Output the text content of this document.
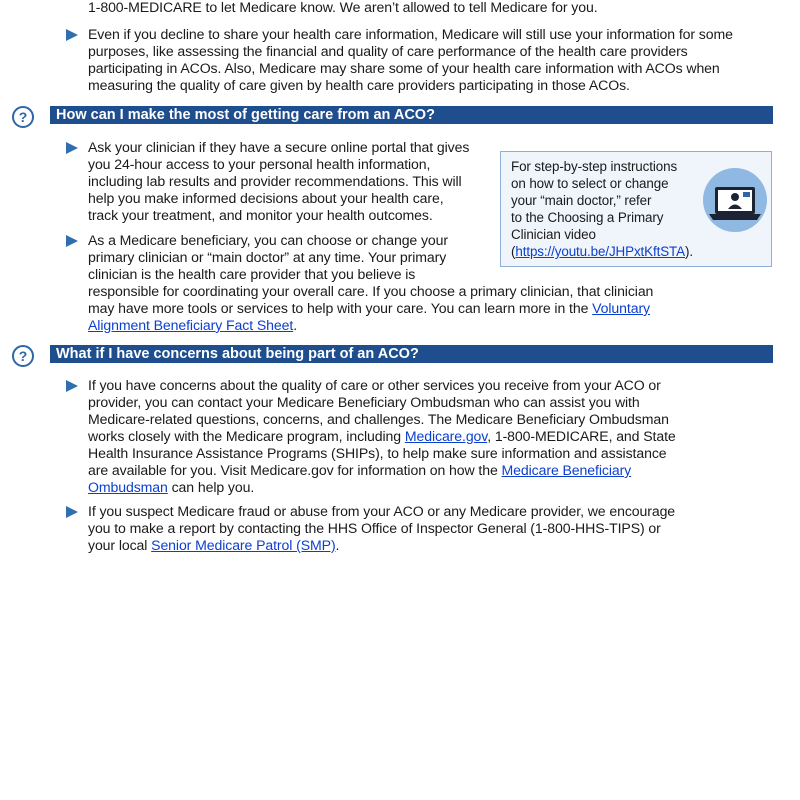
1-800-MEDICARE to let Medicare know. We aren’t allowed to tell Medicare for you.

Even if you decline to share your health care information, Medicare will still use your information for some

purposes, like assessing the financial and quality of care performance of the health care providers

participating in ACOs. Also, Medicare may share some of your health care information with ACOs when

measuring the quality of care given by health care providers participating in those ACOs.

?	How can I make the most of getting care from an ACO?

Ask your clinician if they have a secure online portal that gives

you 24-hour access to your personal health information,

including lab results and provider recommendations. This will

help you make informed decisions about your health care,

track your treatment, and monitor your health outcomes.

As a Medicare beneficiary, you can choose or change your

primary clinician or “main doctor” at any time. Your primary

clinician is the health care provider that you believe is

responsible for coordinating your overall care. If you choose a primary clinician, that clinician

may have more tools or services to help with your care. You can learn more in the Voluntary

Alignment Beneficiary Fact Sheet.

For step-by-step instructions

on how to select or change

your “main doctor,” refer

to the Choosing a Primary

Clinician video

(https://youtu.be/JHPxtKftSTA).

?	What if I have concerns about being part of an ACO?

If you have concerns about the quality of care or other services you receive from your ACO or

provider, you can contact your Medicare Beneficiary Ombudsman who can assist you with

Medicare-related questions, concerns, and challenges. The Medicare Beneficiary Ombudsman

works closely with the Medicare program, including Medicare.gov, 1-800-MEDICARE, and State

Health Insurance Assistance Programs (SHIPs), to help make sure information and assistance

are available for you. Visit Medicare.gov for information on how the Medicare Beneficiary

Ombudsman can help you.

If you suspect Medicare fraud or abuse from your ACO or any Medicare provider, we encourage

you to make a report by contacting the HHS Office of Inspector General (1-800-HHS-TIPS) or

your local Senior Medicare Patrol (SMP).
